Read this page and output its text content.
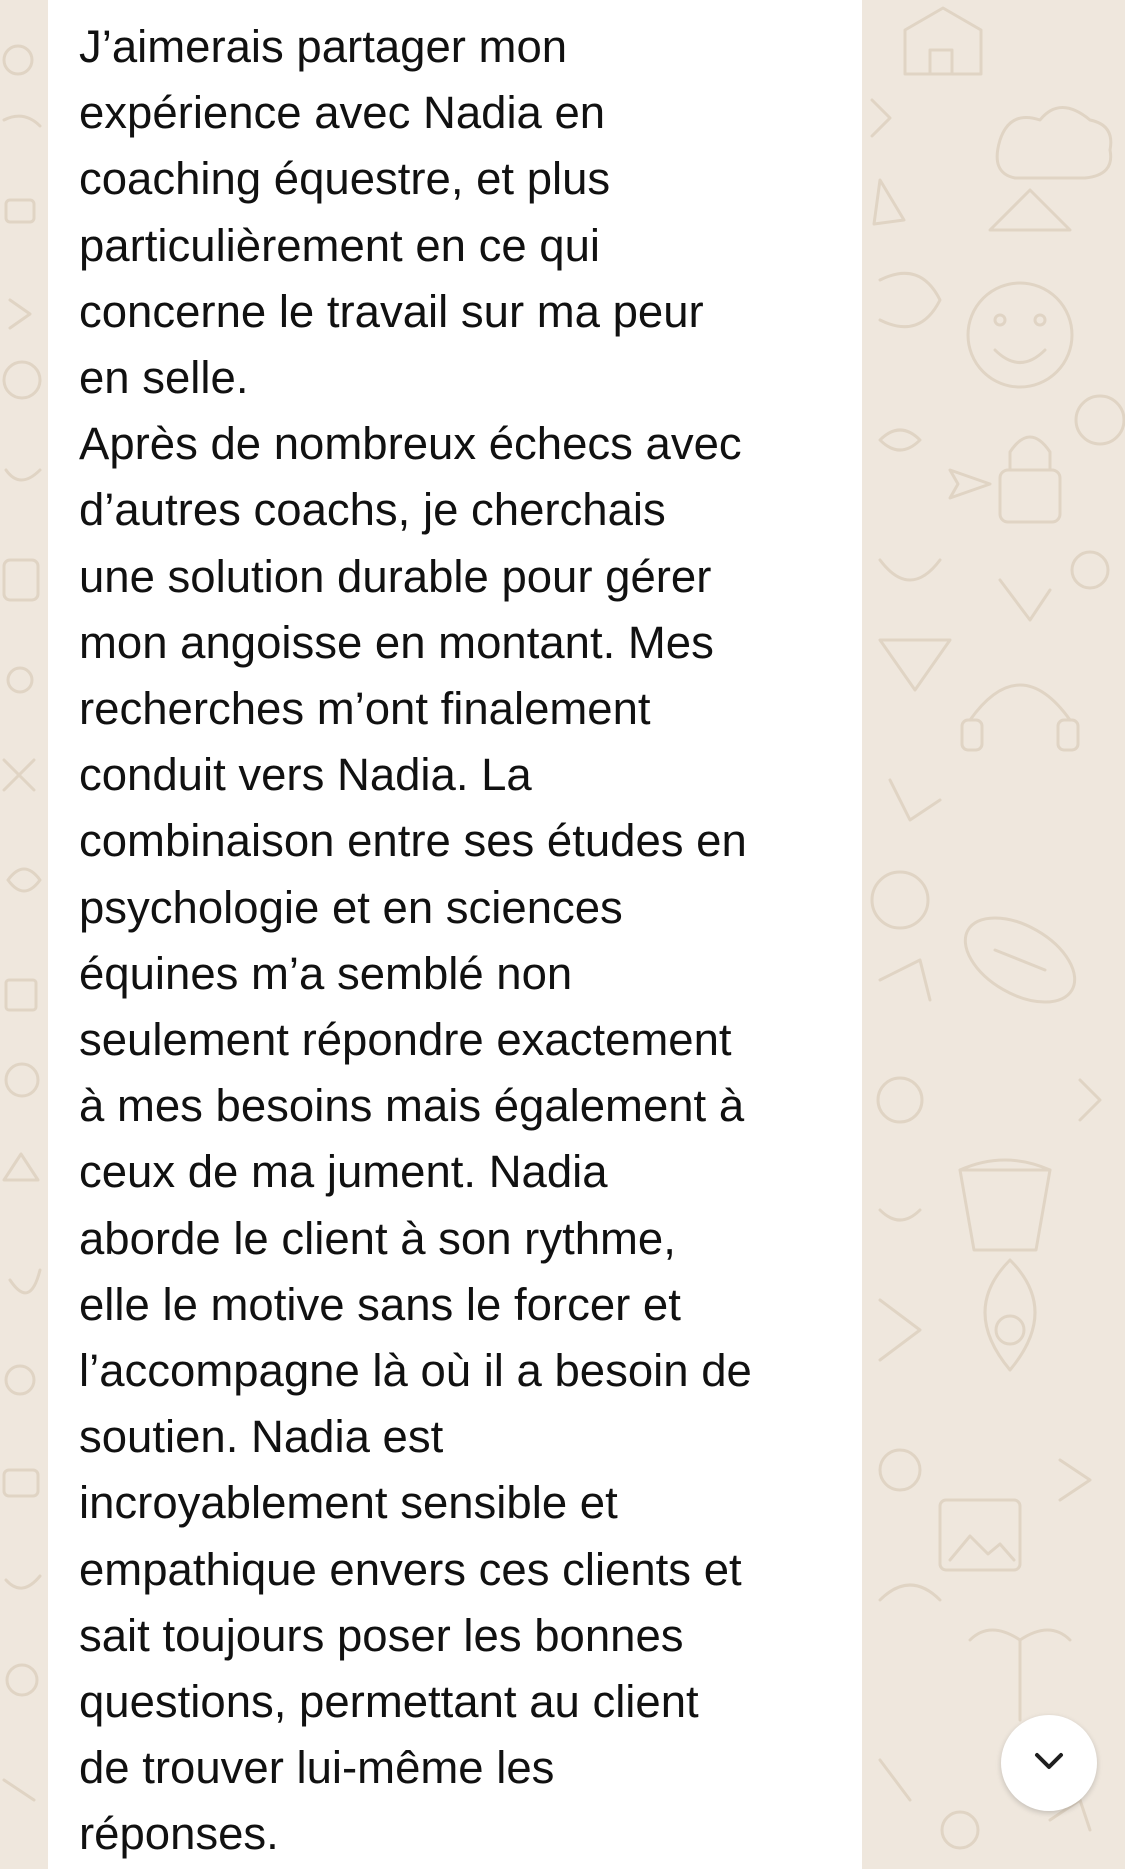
J’aimerais partager mon
expérience avec Nadia en
coaching équestre, et plus
particulièrement en ce qui
concerne le travail sur ma peur
en selle.
Après de nombreux échecs avec
d’autres coachs, je cherchais
une solution durable pour gérer
mon angoisse en montant. Mes
recherches m’ont finalement
conduit vers Nadia. La
combinaison entre ses études en
psychologie et en sciences
équines m’a semblé non
seulement répondre exactement
à mes besoins mais également à
ceux de ma jument. Nadia
aborde le client à son rythme,
elle le motive sans le forcer et
l’accompagne là où il a besoin de
soutien. Nadia est
incroyablement sensible et
empathique envers ces clients et
sait toujours poser les bonnes
questions, permettant au client
de trouver lui-même les
réponses.
